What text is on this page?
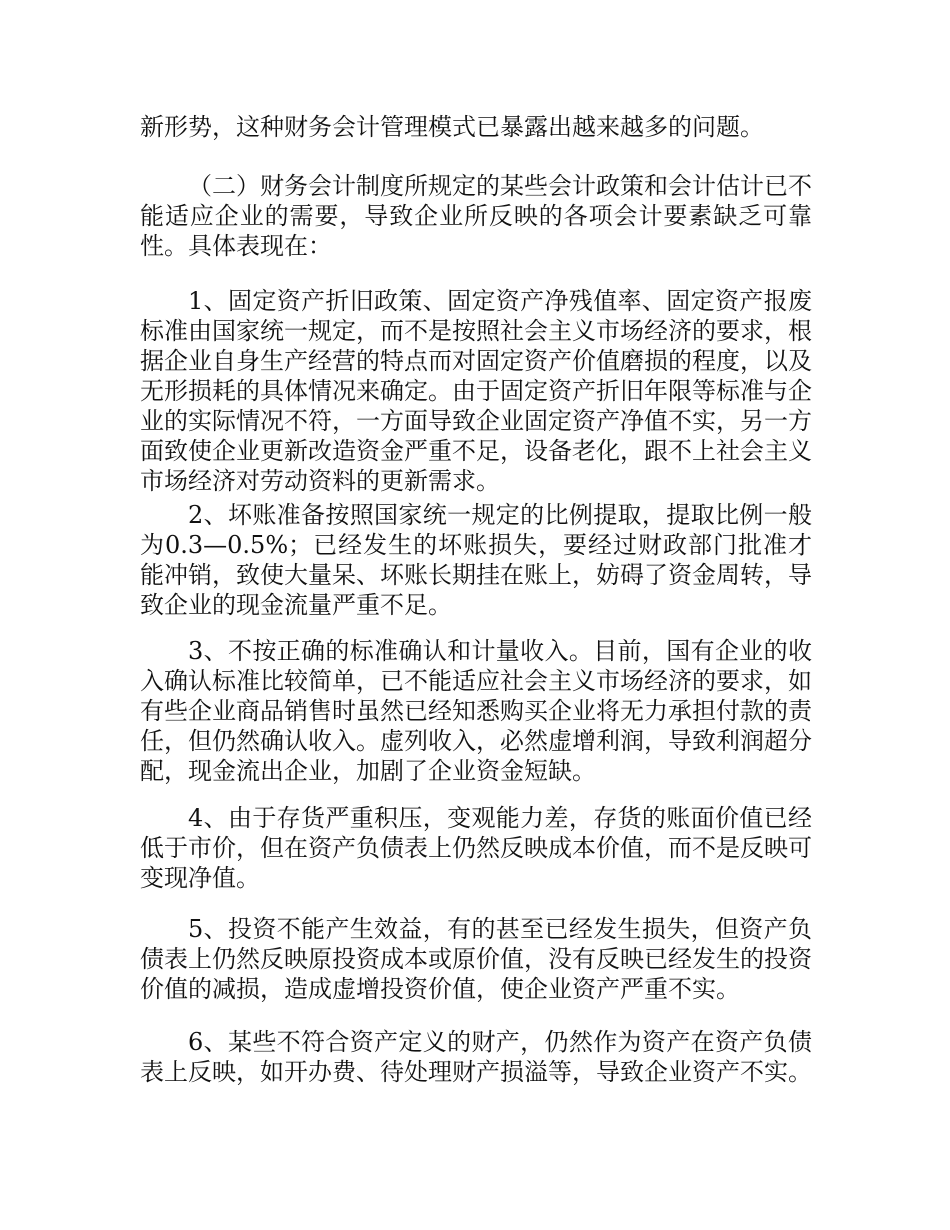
新形势，这种财务会计管理模式已暴露出越来越多的问题。

（二）财务会计制度所规定的某些会计政策和会计估计已不能适应企业的需要，导致企业所反映的各项会计要素缺乏可靠性。具体表现在：

1、固定资产折旧政策、固定资产净残值率、固定资产报废标准由国家统一规定，而不是按照社会主义市场经济的要求，根据企业自身生产经营的特点而对固定资产价值磨损的程度，以及无形损耗的具体情况来确定。由于固定资产折旧年限等标准与企业的实际情况不符，一方面导致企业固定资产净值不实，另一方面致使企业更新改造资金严重不足，设备老化，跟不上社会主义市场经济对劳动资料的更新需求。

2、坏账准备按照国家统一规定的比例提取，提取比例一般为0.3—0.5%；已经发生的坏账损失，要经过财政部门批准才能冲销，致使大量呆、坏账长期挂在账上，妨碍了资金周转，导致企业的现金流量严重不足。

3、不按正确的标准确认和计量收入。目前，国有企业的收入确认标准比较简单，已不能适应社会主义市场经济的要求，如有些企业商品销售时虽然已经知悉购买企业将无力承担付款的责任，但仍然确认收入。虚列收入，必然虚增利润，导致利润超分配，现金流出企业，加剧了企业资金短缺。

4、由于存货严重积压，变观能力差，存货的账面价值已经低于市价，但在资产负债表上仍然反映成本价值，而不是反映可变现净值。

5、投资不能产生效益，有的甚至已经发生损失，但资产负债表上仍然反映原投资成本或原价值，没有反映已经发生的投资价值的减损，造成虚增投资价值，使企业资产严重不实。

6、某些不符合资产定义的财产，仍然作为资产在资产负债表上反映，如开办费、待处理财产损溢等，导致企业资产不实。
